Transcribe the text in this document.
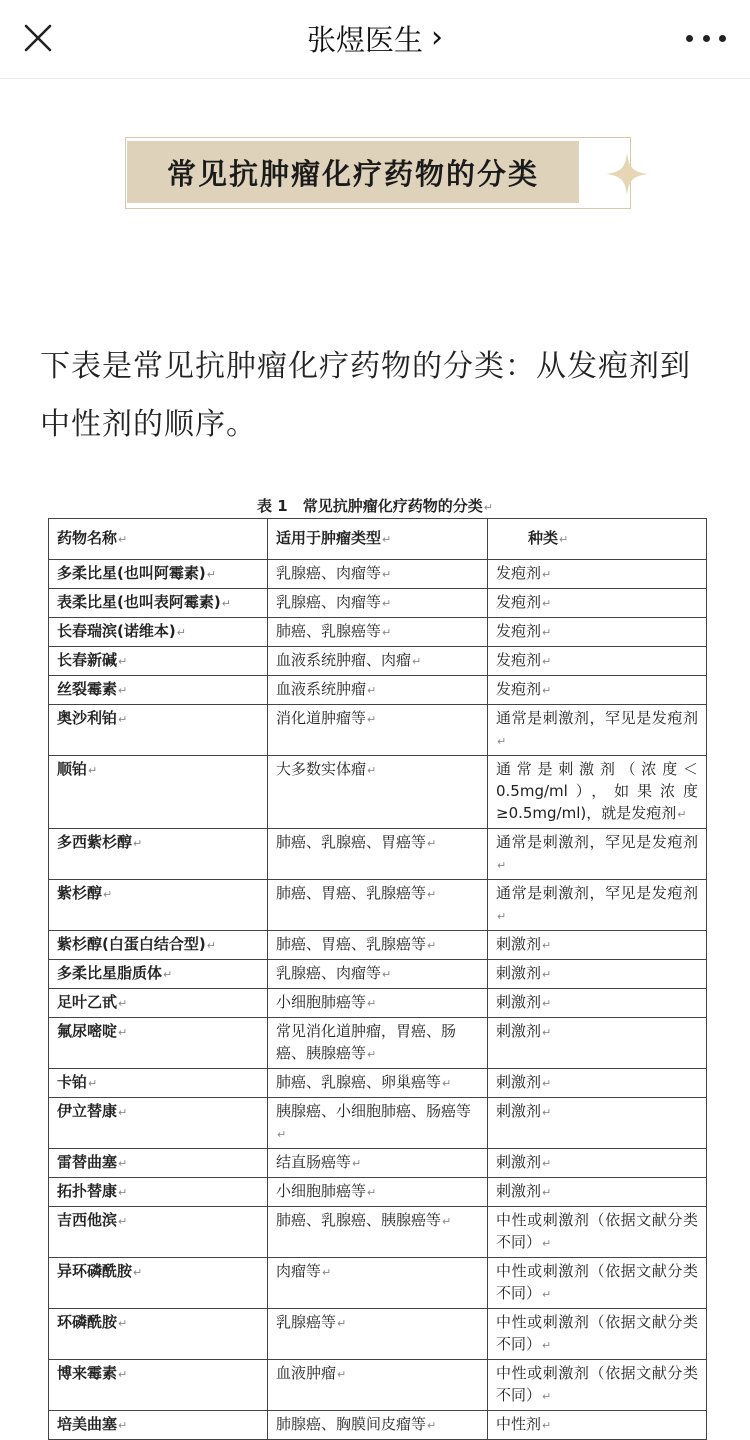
张煜医生 ›
常见抗肿瘤化疗药物的分类
下表是常见抗肿瘤化疗药物的分类：从发疱剂到
中性剂的顺序。
表 1　常见抗肿瘤化疗药物的分类↵
药物名称↵	适用于肿瘤类型↵	种类↵
多柔比星(也叫阿霉素)↵	乳腺癌、肉瘤等↵	发疱剂↵
表柔比星(也叫表阿霉素)↵	乳腺癌、肉瘤等↵	发疱剂↵
长春瑞滨(诺维本)↵	肺癌、乳腺癌等↵	发疱剂↵
长春新碱↵	血液系统肿瘤、肉瘤↵	发疱剂↵
丝裂霉素↵	血液系统肿瘤↵	发疱剂↵
奥沙利铂↵	消化道肿瘤等↵	通常是刺激剂，罕见是发疱剂↵
顺铂↵	大多数实体瘤↵	通常是刺激剂（浓度＜0.5mg/ml），如果浓度≥0.5mg/ml)，就是发疱剂↵
多西紫杉醇↵	肺癌、乳腺癌、胃癌等↵	通常是刺激剂，罕见是发疱剂↵
紫杉醇↵	肺癌、胃癌、乳腺癌等↵	通常是刺激剂，罕见是发疱剂↵
紫杉醇(白蛋白结合型)↵	肺癌、胃癌、乳腺癌等↵	刺激剂↵
多柔比星脂质体↵	乳腺癌、肉瘤等↵	刺激剂↵
足叶乙甙↵	小细胞肺癌等↵	刺激剂↵
氟尿嘧啶↵	常见消化道肿瘤，胃癌、肠癌、胰腺癌等↵	刺激剂↵
卡铂↵	肺癌、乳腺癌、卵巢癌等↵	刺激剂↵
伊立替康↵	胰腺癌、小细胞肺癌、肠癌等↵	刺激剂↵
雷替曲塞↵	结直肠癌等↵	刺激剂↵
拓扑替康↵	小细胞肺癌等↵	刺激剂↵
吉西他滨↵	肺癌、乳腺癌、胰腺癌等↵	中性或刺激剂（依据文献分类不同）↵
异环磷酰胺↵	肉瘤等↵	中性或刺激剂（依据文献分类不同）↵
环磷酰胺↵	乳腺癌等↵	中性或刺激剂（依据文献分类不同）↵
博来霉素↵	血液肿瘤↵	中性或刺激剂（依据文献分类不同）↵
培美曲塞↵	肺腺癌、胸膜间皮瘤等↵	中性剂↵
